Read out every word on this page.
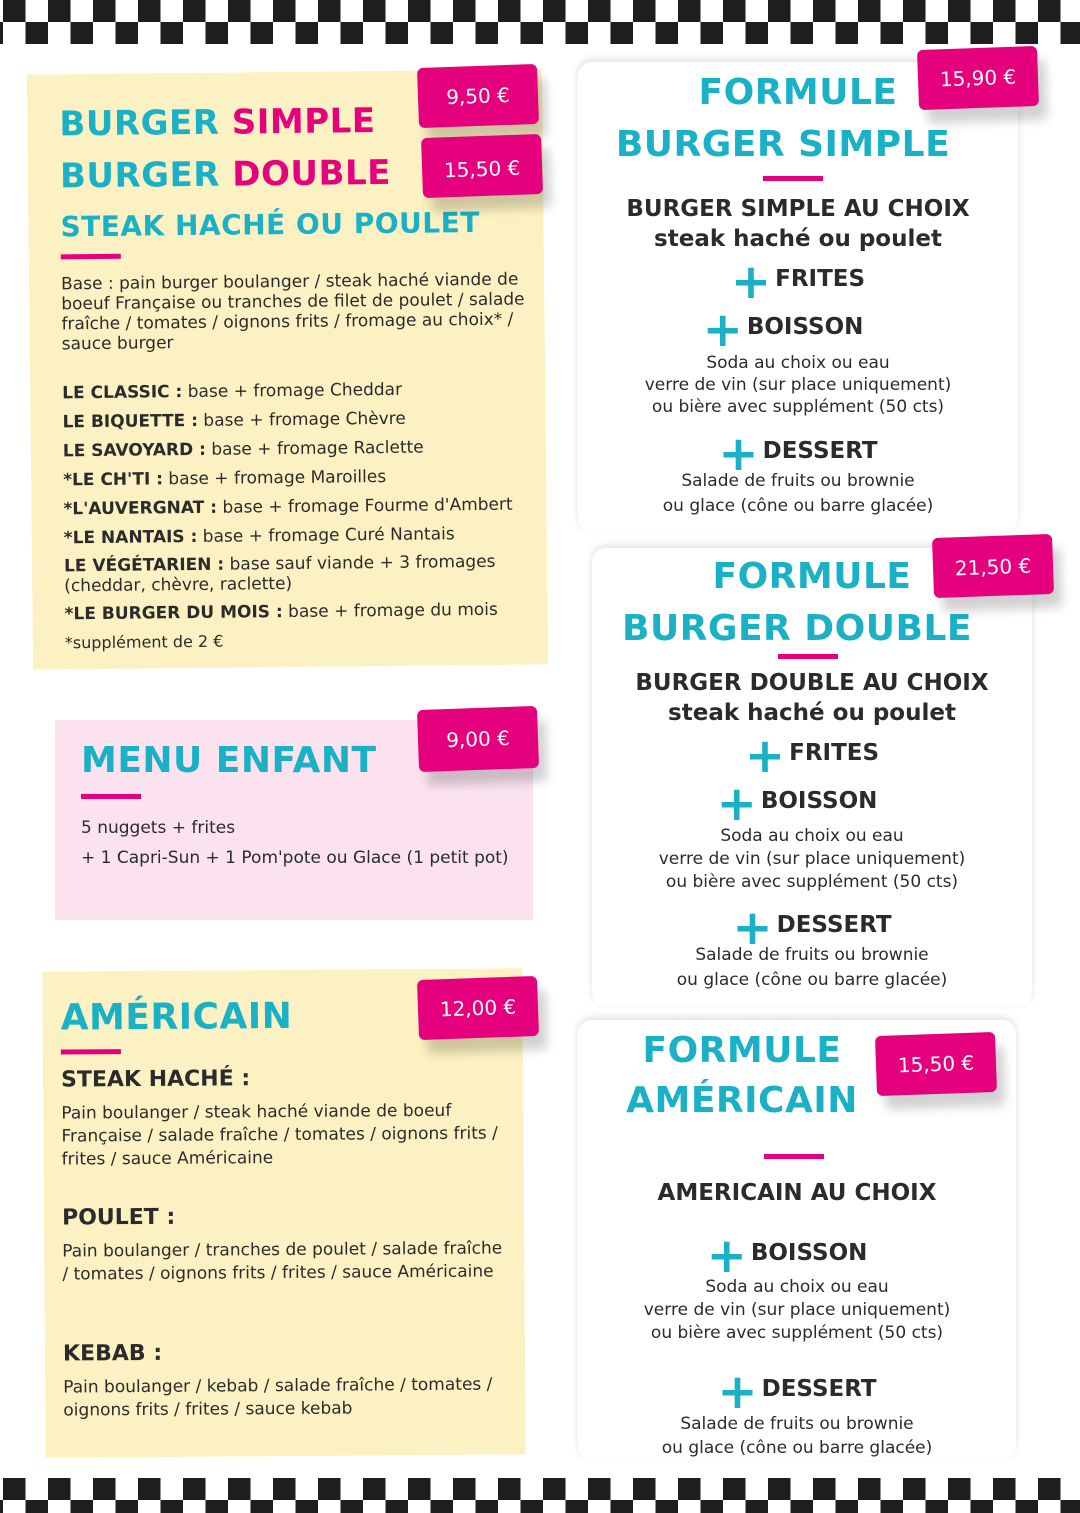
BURGER SIMPLE
BURGER DOUBLE
STEAK HACHÉ OU POULET
Base : pain burger boulanger / steak haché viande de boeuf Française ou tranches de filet de poulet / salade fraîche / tomates / oignons frits / fromage au choix* / sauce burger
LE CLASSIC : base + fromage Cheddar
LE BIQUETTE : base + fromage Chèvre
LE SAVOYARD : base + fromage Raclette
*LE CH'TI : base + fromage Maroilles
*L'AUVERGNAT : base + fromage Fourme d'Ambert
*LE NANTAIS : base + fromage Curé Nantais
LE VÉGÉTARIEN : base sauf viande + 3 fromages (cheddar, chèvre, raclette)
*LE BURGER DU MOIS : base + fromage du mois
*supplément de 2 €
9,50 €
15,50 €
MENU ENFANT
5 nuggets + frites
+ 1 Capri-Sun + 1 Pom'pote ou Glace (1 petit pot)
9,00 €
AMÉRICAIN
STEAK HACHÉ :
Pain boulanger / steak haché viande de boeuf Française / salade fraîche / tomates / oignons frits / frites / sauce Américaine
POULET :
Pain boulanger / tranches de poulet / salade fraîche / tomates / oignons frits / frites / sauce Américaine
KEBAB :
Pain boulanger / kebab / salade fraîche / tomates / oignons frits / frites / sauce kebab
12,00 €
FORMULE
BURGER SIMPLE
BURGER SIMPLE AU CHOIX
steak haché ou poulet
+ FRITES
+ BOISSON
Soda au choix ou eau
verre de vin (sur place uniquement)
ou bière avec supplément (50 cts)
+ DESSERT
Salade de fruits ou brownie
ou glace (cône ou barre glacée)
15,90 €
FORMULE
BURGER DOUBLE
BURGER DOUBLE AU CHOIX
steak haché ou poulet
+ FRITES
+ BOISSON
Soda au choix ou eau
verre de vin (sur place uniquement)
ou bière avec supplément (50 cts)
+ DESSERT
Salade de fruits ou brownie
ou glace (cône ou barre glacée)
21,50 €
FORMULE
AMÉRICAIN
AMERICAIN AU CHOIX
+ BOISSON
Soda au choix ou eau
verre de vin (sur place uniquement)
ou bière avec supplément (50 cts)
+ DESSERT
Salade de fruits ou brownie
ou glace (cône ou barre glacée)
15,50 €
